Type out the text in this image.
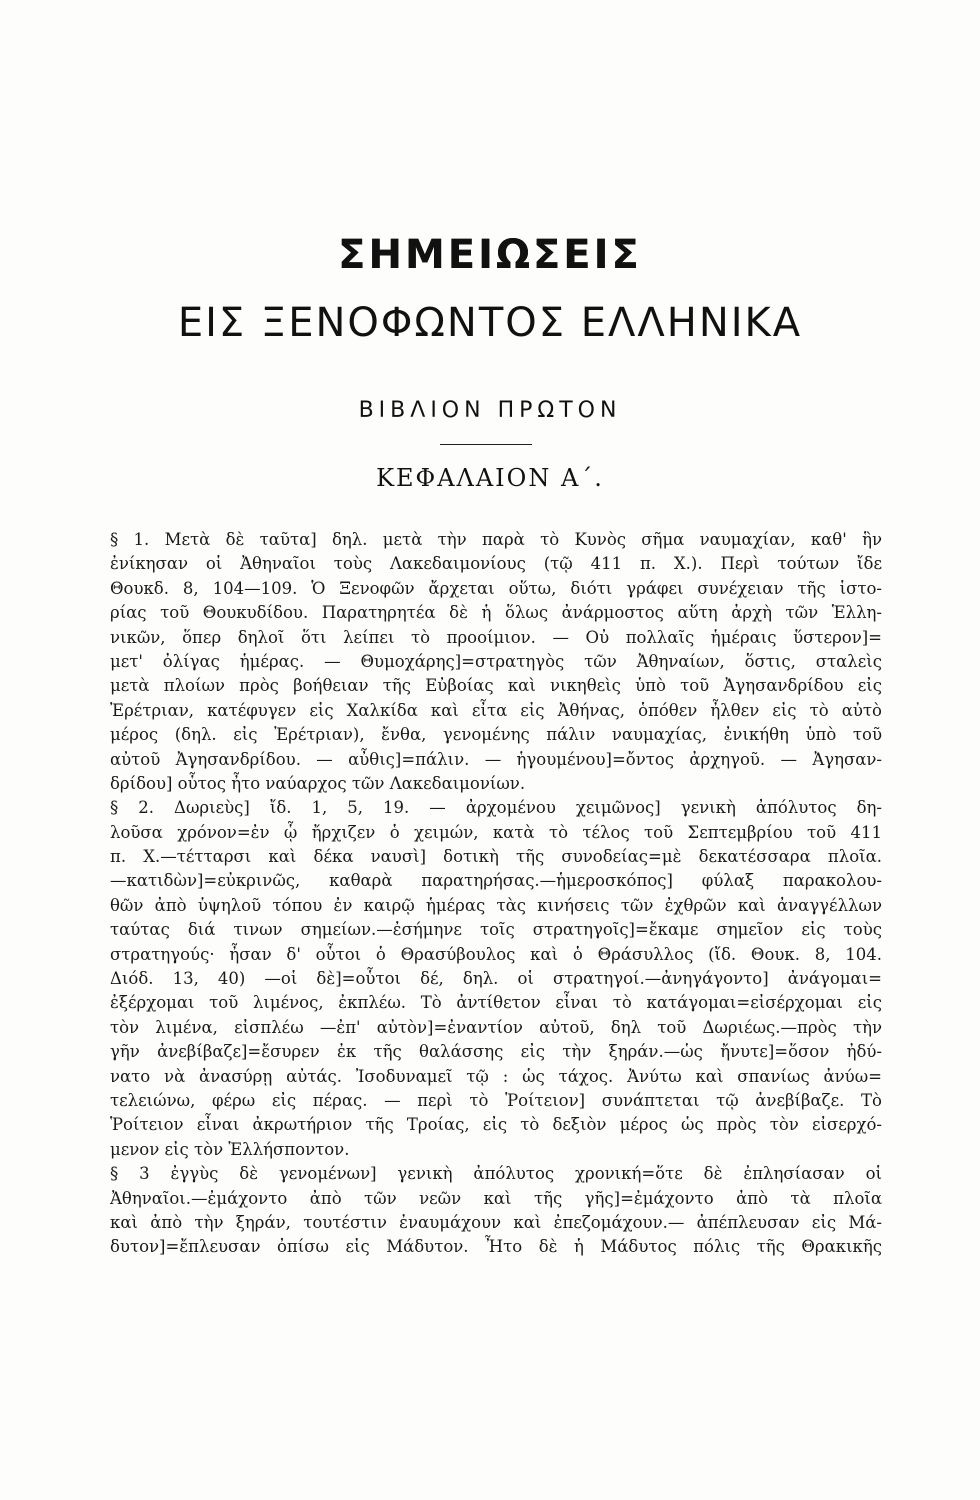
ΣΗΜΕΙΩΣΕΙΣ
ΕΙΣ ΞΕΝΟΦΩΝΤΟΣ ΕΛΛΗΝΙΚΑ
ΒΙΒΛΙΟΝ ΠΡΩΤΟΝ
ΚΕΦΑΛΑΙΟΝ Α΄.
§ 1. Μετὰ δὲ ταῦτα] δηλ. μετὰ τὴν παρὰ τὸ Κυνὸς σῆμα ναυμαχίαν, καθ' ἣν
ἐνίκησαν οἱ Ἀθηναῖοι τοὺς Λακεδαιμονίους (τῷ 411 π. Χ.). Περὶ τούτων ἴδε
Θουκδ. 8, 104—109. Ὁ Ξενοφῶν ἄρχεται οὕτω, διότι γράφει συνέχειαν τῆς ἱστο-
ρίας τοῦ Θουκυδίδου. Παρατηρητέα δὲ ἡ ὅλως ἀνάρμοστος αὕτη ἀρχὴ τῶν Ἑλλη-
νικῶν, ὅπερ δηλοῖ ὅτι λείπει τὸ προοίμιον. — Οὐ πολλαῖς ἡμέραις ὕστερον]=
μετ' ὀλίγας ἡμέρας. — Θυμοχάρης]=στρατηγὸς τῶν Ἀθηναίων, ὅστις, σταλεὶς
μετὰ πλοίων πρὸς βοήθειαν τῆς Εὐβοίας καὶ νικηθεὶς ὑπὸ τοῦ Ἀγησανδρίδου εἰς
Ἐρέτριαν, κατέφυγεν εἰς Χαλκίδα καὶ εἶτα εἰς Ἀθήνας, ὁπόθεν ἦλθεν εἰς τὸ αὐτὸ
μέρος (δηλ. εἰς Ἐρέτριαν), ἔνθα, γενομένης πάλιν ναυμαχίας, ἐνικήθη ὑπὸ τοῦ
αὐτοῦ Ἀγησανδρίδου. — αὖθις]=πάλιν. — ἡγουμένου]=ὄντος ἀρχηγοῦ. — Ἀγησαν-
δρίδου] οὗτος ἦτο ναύαρχος τῶν Λακεδαιμονίων.
§ 2. Δωριεὺς] ἴδ. 1, 5, 19. — ἀρχομένου χειμῶνος] γενικὴ ἀπόλυτος δη-
λοῦσα χρόνον=ἐν ᾧ ἤρχιζεν ὁ χειμών, κατὰ τὸ τέλος τοῦ Σεπτεμβρίου τοῦ 411
π. Χ.—τέτταρσι καὶ δέκα ναυσὶ] δοτικὴ τῆς συνοδείας=μὲ δεκατέσσαρα πλοῖα.
—κατιδὼν]=εὐκρινῶς, καθαρὰ παρατηρήσας.—ἡμεροσκόπος] φύλαξ παρακολου-
θῶν ἀπὸ ὑψηλοῦ τόπου ἐν καιρῷ ἡμέρας τὰς κινήσεις τῶν ἐχθρῶν καὶ ἀναγγέλλων
ταύτας διά τινων σημείων.—ἐσήμηνε τοῖς στρατηγοῖς]=ἔκαμε σημεῖον εἰς τοὺς
στρατηγούς· ἦσαν δ' οὗτοι ὁ Θρασύβουλος καὶ ὁ Θράσυλλος (ἴδ. Θουκ. 8, 104.
Διόδ. 13, 40) —οἱ δὲ]=οὗτοι δέ, δηλ. οἱ στρατηγοί.—ἀνηγάγοντο] ἀνάγομαι=
ἐξέρχομαι τοῦ λιμένος, ἐκπλέω. Τὸ ἀντίθετον εἶναι τὸ κατάγομαι=εἰσέρχομαι εἰς
τὸν λιμένα, εἰσπλέω —ἐπ' αὐτὸν]=ἐναντίον αὐτοῦ, δηλ τοῦ Δωριέως.—πρὸς τὴν
γῆν ἀνεβίβαζε]=ἔσυρεν ἐκ τῆς θαλάσσης εἰς τὴν ξηράν.—ὡς ἤνυτε]=ὅσον ἠδύ-
νατο νὰ ἀνασύρῃ αὐτάς. Ἰσοδυναμεῖ τῷ : ὡς τάχος. Ἀνύτω καὶ σπανίως ἀνύω=
τελειώνω, φέρω εἰς πέρας. — περὶ τὸ Ῥοίτειον] συνάπτεται τῷ ἀνεβίβαζε. Τὸ
Ῥοίτειον εἶναι ἀκρωτήριον τῆς Τροίας, εἰς τὸ δεξιὸν μέρος ὡς πρὸς τὸν εἰσερχό-
μενον εἰς τὸν Ἑλλήσποντον.
§ 3 ἐγγὺς δὲ γενομένων] γενικὴ ἀπόλυτος χρονική=ὅτε δὲ ἐπλησίασαν οἱ
Ἀθηναῖοι.—ἐμάχοντο ἀπὸ τῶν νεῶν καὶ τῆς γῆς]=ἐμάχοντο ἀπὸ τὰ πλοῖα
καὶ ἀπὸ τὴν ξηράν, τουτέστιν ἐναυμάχουν καὶ ἐπεζομάχουν.— ἀπέπλευσαν εἰς Μά-
δυτον]=ἔπλευσαν ὀπίσω εἰς Μάδυτον. Ἦτο δὲ ἡ Μάδυτος πόλις τῆς Θρακικῆς
